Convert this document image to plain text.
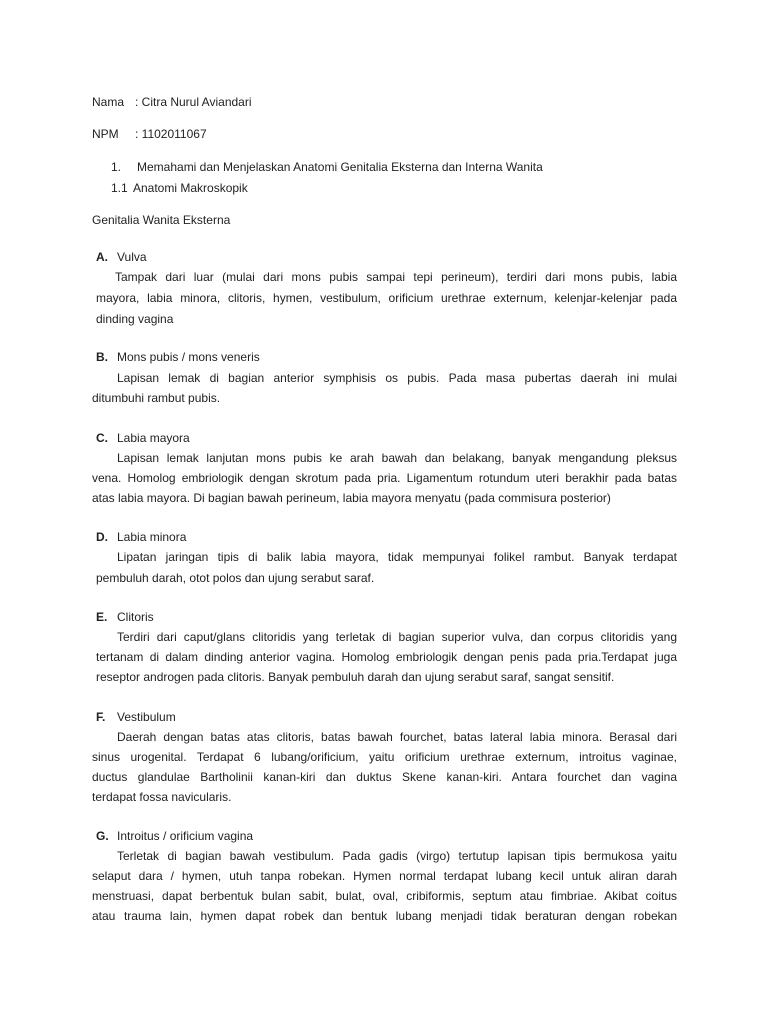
Nama : Citra Nurul Aviandari
NPM : 1102011067
1. Memahami dan Menjelaskan Anatomi Genitalia Eksterna dan Interna Wanita
1.1 Anatomi Makroskopik
Genitalia Wanita Eksterna
A. Vulva
Tampak dari luar (mulai dari mons pubis sampai tepi perineum), terdiri dari mons pubis, labia
mayora, labia minora, clitoris, hymen, vestibulum, orificium urethrae externum, kelenjar-kelenjar pada
dinding vagina
B. Mons pubis / mons veneris
Lapisan lemak di bagian anterior symphisis os pubis. Pada masa pubertas daerah ini mulai
ditumbuhi rambut pubis.
C. Labia mayora
Lapisan lemak lanjutan mons pubis ke arah bawah dan belakang, banyak mengandung pleksus
vena. Homolog embriologik dengan skrotum pada pria. Ligamentum rotundum uteri berakhir pada batas
atas labia mayora. Di bagian bawah perineum, labia mayora menyatu (pada commisura posterior)
D. Labia minora
Lipatan jaringan tipis di balik labia mayora, tidak mempunyai folikel rambut. Banyak terdapat
pembuluh darah, otot polos dan ujung serabut saraf.
E. Clitoris
Terdiri dari caput/glans clitoridis yang terletak di bagian superior vulva, dan corpus clitoridis yang
tertanam di dalam dinding anterior vagina. Homolog embriologik dengan penis pada pria.Terdapat juga
reseptor androgen pada clitoris. Banyak pembuluh darah dan ujung serabut saraf, sangat sensitif.
F. Vestibulum
Daerah dengan batas atas clitoris, batas bawah fourchet, batas lateral labia minora. Berasal dari
sinus urogenital. Terdapat 6 lubang/orificium, yaitu orificium urethrae externum, introitus vaginae,
ductus glandulae Bartholinii kanan-kiri dan duktus Skene kanan-kiri. Antara fourchet dan vagina
terdapat fossa navicularis.
G. Introitus / orificium vagina
Terletak di bagian bawah vestibulum. Pada gadis (virgo) tertutup lapisan tipis bermukosa yaitu
selaput dara / hymen, utuh tanpa robekan. Hymen normal terdapat lubang kecil untuk aliran darah
menstruasi, dapat berbentuk bulan sabit, bulat, oval, cribiformis, septum atau fimbriae. Akibat coitus
atau trauma lain, hymen dapat robek dan bentuk lubang menjadi tidak beraturan dengan robekan
